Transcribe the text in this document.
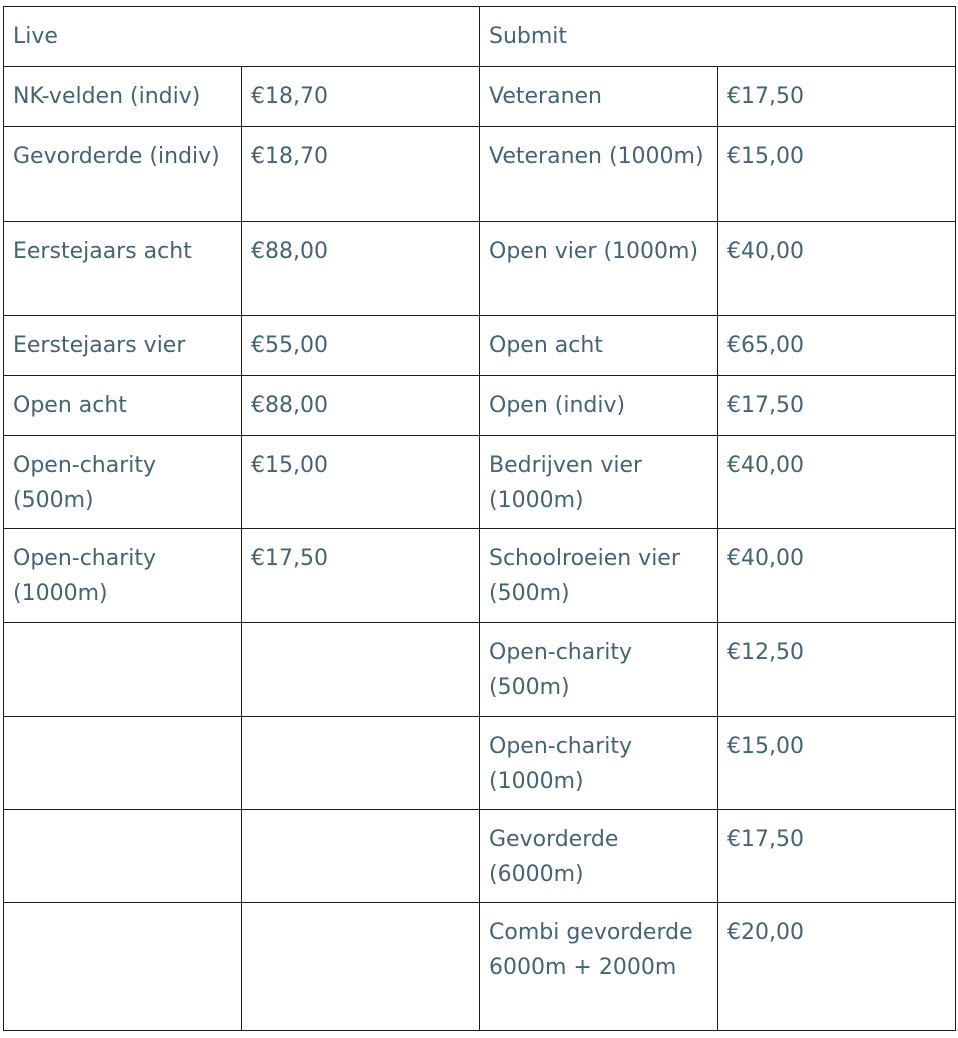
Live		Submit	
NK-velden (indiv)	€18,70	Veteranen	€17,50
Gevorderde (indiv)	€18,70	Veteranen (1000m)	€15,00
Eerstejaars acht	€88,00	Open vier (1000m)	€40,00
Eerstejaars vier	€55,00	Open acht	€65,00
Open acht	€88,00	Open (indiv)	€17,50
Open-charity (500m)	€15,00	Bedrijven vier (1000m)	€40,00
Open-charity (1000m)	€17,50	Schoolroeien vier (500m)	€40,00
		Open-charity (500m)	€12,50
		Open-charity (1000m)	€15,00
		Gevorderde (6000m)	€17,50
		Combi gevorderde 6000m + 2000m	€20,00
